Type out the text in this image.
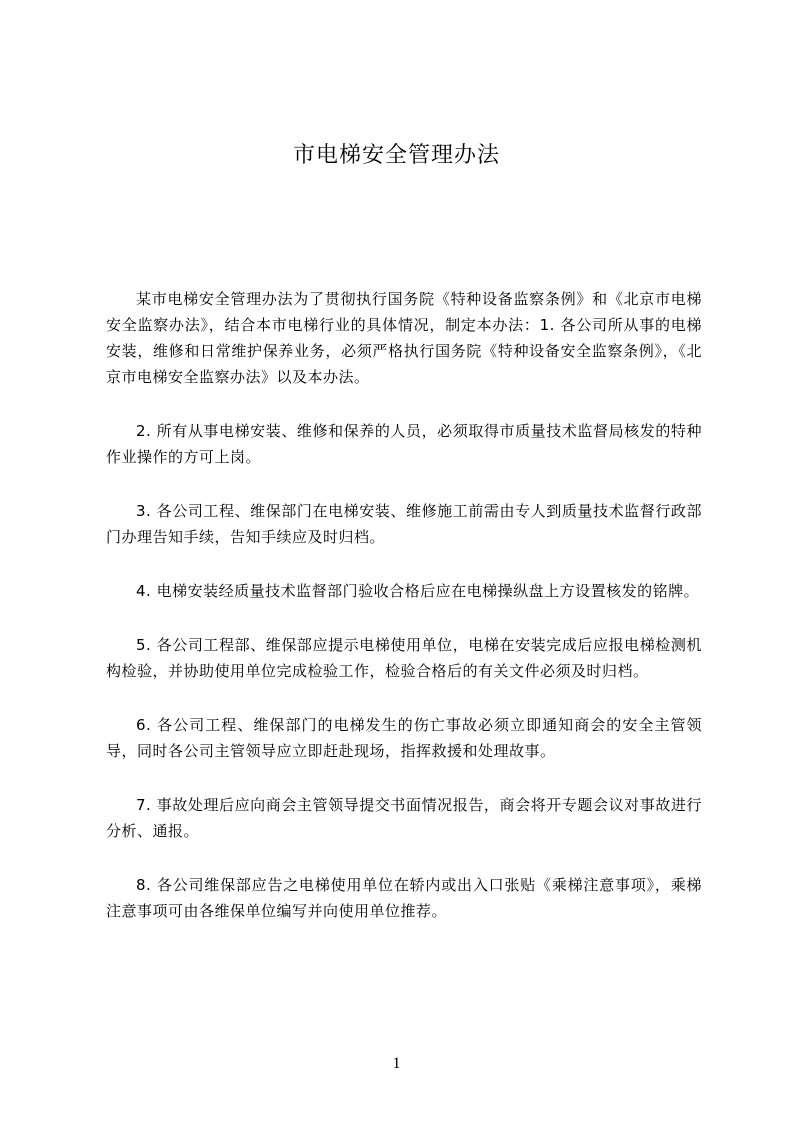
市电梯安全管理办法

某市电梯安全管理办法为了贯彻执行国务院《特种设备监察条例》和《北京市电梯安全监察办法》，结合本市电梯行业的具体情况，制定本办法：1. 各公司所从事的电梯安装，维修和日常维护保养业务，必须严格执行国务院《特种设备安全监察条例》，《北京市电梯安全监察办法》以及本办法。

2. 所有从事电梯安装、维修和保养的人员，必须取得市质量技术监督局核发的特种作业操作的方可上岗。

3. 各公司工程、维保部门在电梯安装、维修施工前需由专人到质量技术监督行政部门办理告知手续，告知手续应及时归档。

4. 电梯安装经质量技术监督部门验收合格后应在电梯操纵盘上方设置核发的铭牌。

5. 各公司工程部、维保部应提示电梯使用单位，电梯在安装完成后应报电梯检测机构检验，并协助使用单位完成检验工作，检验合格后的有关文件必须及时归档。

6. 各公司工程、维保部门的电梯发生的伤亡事故必须立即通知商会的安全主管领导，同时各公司主管领导应立即赶赴现场，指挥救援和处理故事。

7. 事故处理后应向商会主管领导提交书面情况报告，商会将开专题会议对事故进行分析、通报。

8. 各公司维保部应告之电梯使用单位在轿内或出入口张贴《乘梯注意事项》，乘梯注意事项可由各维保单位编写并向使用单位推荐。

1
